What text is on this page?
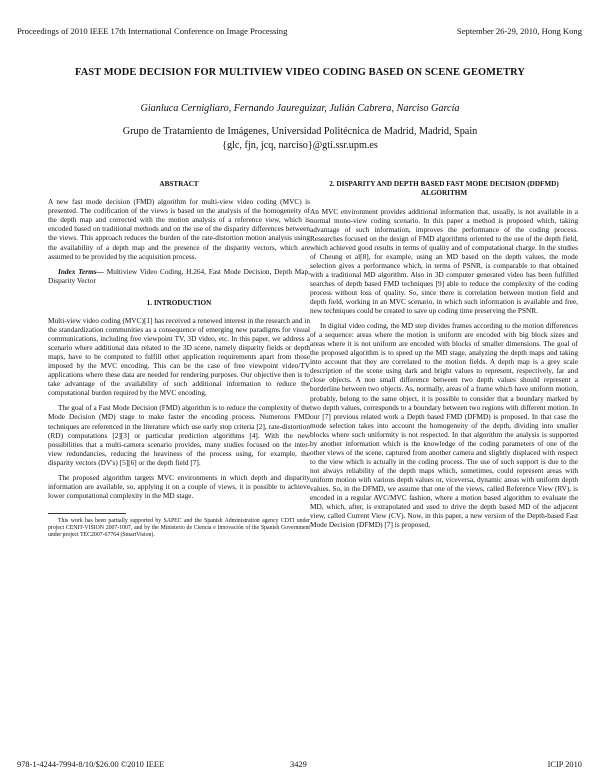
Proceedings of 2010 IEEE 17th International Conference on Image Processing	September 26-29, 2010, Hong Kong
FAST MODE DECISION FOR MULTIVIEW VIDEO CODING BASED ON SCENE GEOMETRY
Gianluca Cernigliaro, Fernando Jaureguizar, Julián Cabrera, Narciso García
Grupo de Tratamiento de Imágenes, Universidad Politécnica de Madrid, Madrid, Spain
{glc, fjn, jcq, narciso}@gti.ssr.upm.es
ABSTRACT

A new fast mode decision (FMD) algorithm for multi-view video coding (MVC) is presented. The codification of the views is based on the analysis of the homogeneity of the depth map and corrected with the motion analysis of a reference view, which is encoded based on traditional methods and on the use of the disparity differences between the views. This approach reduces the burden of the rate-distortion motion analysis using the availability of a depth map and the presence of the disparity vectors, which are assumed to be provided by the acquisition process.

Index Terms— Multiview Video Coding, H.264, Fast Mode Decision, Depth Map, Disparity Vector
1. INTRODUCTION

Multi-view video coding (MVC)[1] has received a renewed interest in the research and in the standardization communities as a consequence of emerging new paradigms for visual communications, including free viewpoint TV, 3D video, etc. In this paper, we address a scenario where additional data related to the 3D scene, namely disparity fields or depth maps, have to be computed to fulfill other application requirements apart from those imposed by the MVC encoding. This can be the case of free viewpoint video/TV applications where these data are needed for rendering purposes. Our objective then is to take advantage of the availability of such additional information to reduce the computational burden required by the MVC encoding.

The goal of a Fast Mode Decision (FMD) algorithm is to reduce the complexity of the Mode Decision (MD) stage to make faster the encoding process. Numerous FMD techniques are referenced in the literature which use early stop criteria [2], rate-distortion (RD) computations [2][3] or particular prediction algorithms [4]. With the new possibilities that a multi-camera scenario provides, many studies focused on the inter-view redundancies, reducing the heaviness of the process using, for example, the disparity vectors (DV's) [5][6] or the depth field [7].

The proposed algorithm targets MVC environments in which depth and disparity information are available, so, applying it on a couple of views, it is possible to achieve lower computational complexity in the MD stage.

This work has been partially supported by SAPEC and the Spanish Administration agency CDTI under project CENIT-VISION 2007-1007, and by the Ministerio de Ciencia e Innovación of the Spanish Government under project TEC2007-67764 (SmartVision).
2. DISPARITY AND DEPTH BASED FAST MODE DECISION (DDFMD) ALGORITHM

An MVC environment provides additional information that, usually, is not available in a normal mono-view coding scenario. In this paper a method is proposed which, taking advantage of such information, improves the performance of the coding process. Researches focused on the design of FMD algorithms oriented to the use of the depth field, which achieved good results in terms of quality and of computational charge. In the studies of Cheung et al[8], for example, using an MD based on the depth values, the mode selection gives a performance which, in terms of PSNR, is comparable to that obtained with a traditional MD algorithm. Also in 3D computer generated video has been fulfilled searches of depth based FMD techniques [9] able to reduce the complexity of the coding process without loss of quality. So, since there is correlation between motion field and depth field, working in an MVC scenario, in which such information is available and free, new techniques could be created to save up coding time preserving the PSNR.

In digital video coding, the MD step divides frames according to the motion differences of a sequence: areas where the motion is uniform are encoded with big block sizes and areas where it is not uniform are encoded with blocks of smaller dimensions. The goal of the proposed algorithm is to speed up the MD stage, analyzing the depth maps and taking into account that they are correlated to the motion fields. A depth map is a grey scale description of the scene using dark and bright values to represent, respectively, far and close objects. A non small difference between two depth values should represent a borderline between two objects. As, normally, areas of a frame which have uniform motion, probably, belong to the same object, it is possible to consider that a boundary marked by two depth values, corresponds to a boundary between two regions with different motion. In our [7] previous related work a Depth based FMD (DFMD) is proposed. In that case the mode selection takes into account the homogeneity of the depth, dividing into smaller blocks where such uniformity is not respected. In that algorithm the analysis is supported by another information which is the knowledge of the coding parameters of one of the other views of the scene, captured from another camera and slightly displaced with respect to the view which is actually in the coding process. The use of such support is due to the not always reliability of the depth maps which, sometimes, could represent areas with uniform motion with various depth values or, viceversa, dynamic areas with uniform depth values. So, in the DFMD, we assume that one of the views, called Reference View (RV), is encoded in a regular AVC/MVC fashion, where a motion based algorithm to evaluate the MD, which, after, is extrapolated and used to drive the depth based MD of the adjacent view, called Current View (CV). Now, in this paper, a new version of the Depth-based Fast Mode Decision (DFMD) [7] is proposed,

978-1-4244-7994-8/10/$26.00 ©2010 IEEE	3429	ICIP 2010
